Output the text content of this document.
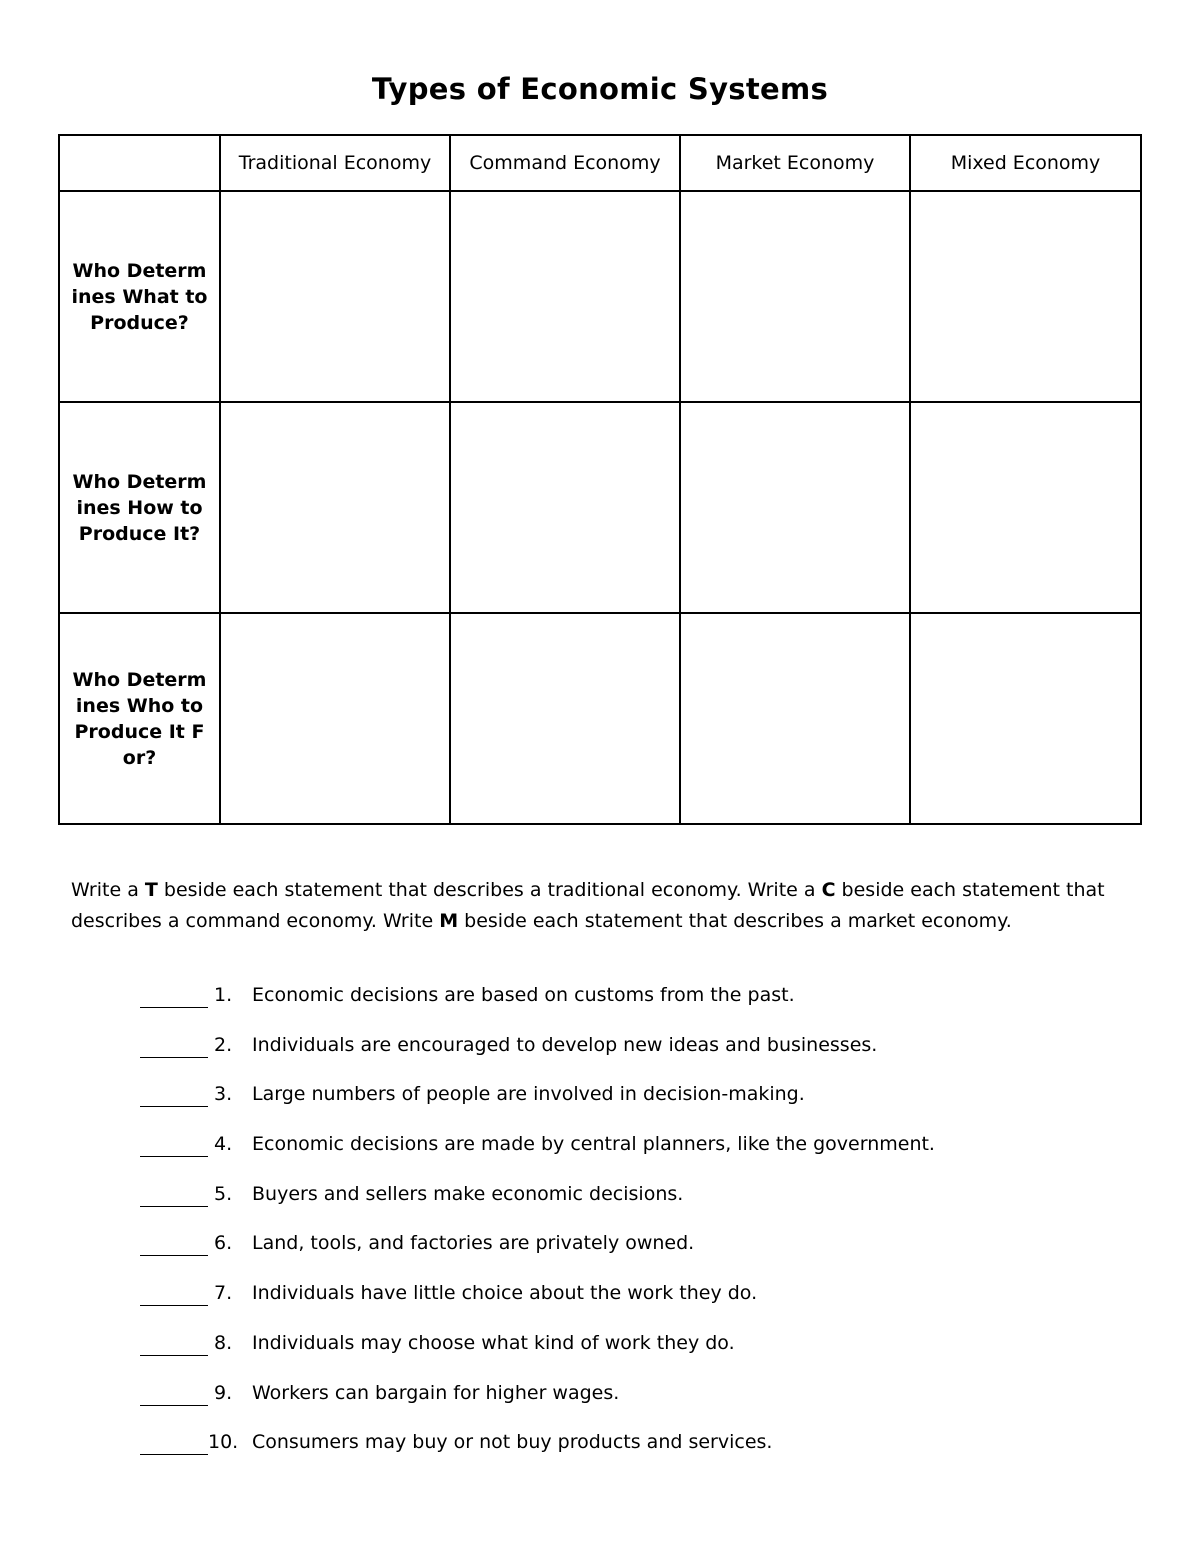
Types of Economic Systems
	Traditional Economy	Command Economy	Market Economy	Mixed Economy

Who Determines What to Produce?				

Who Determines How to Produce It?				

Who Determines Who to Produce It For?				

Write a T beside each statement that describes a traditional economy. Write a C beside each statement that describes a command economy. Write M beside each statement that describes a market economy.
1.	Economic decisions are based on customs from the past.
2.	Individuals are encouraged to develop new ideas and businesses.
3.	Large numbers of people are involved in decision-making.
4.	Economic decisions are made by central planners, like the government.
5.	Buyers and sellers make economic decisions.
6.	Land, tools, and factories are privately owned.
7.	Individuals have little choice about the work they do.
8.	Individuals may choose what kind of work they do.
9.	Workers can bargain for higher wages.
10. Consumers may buy or not buy products and services.
